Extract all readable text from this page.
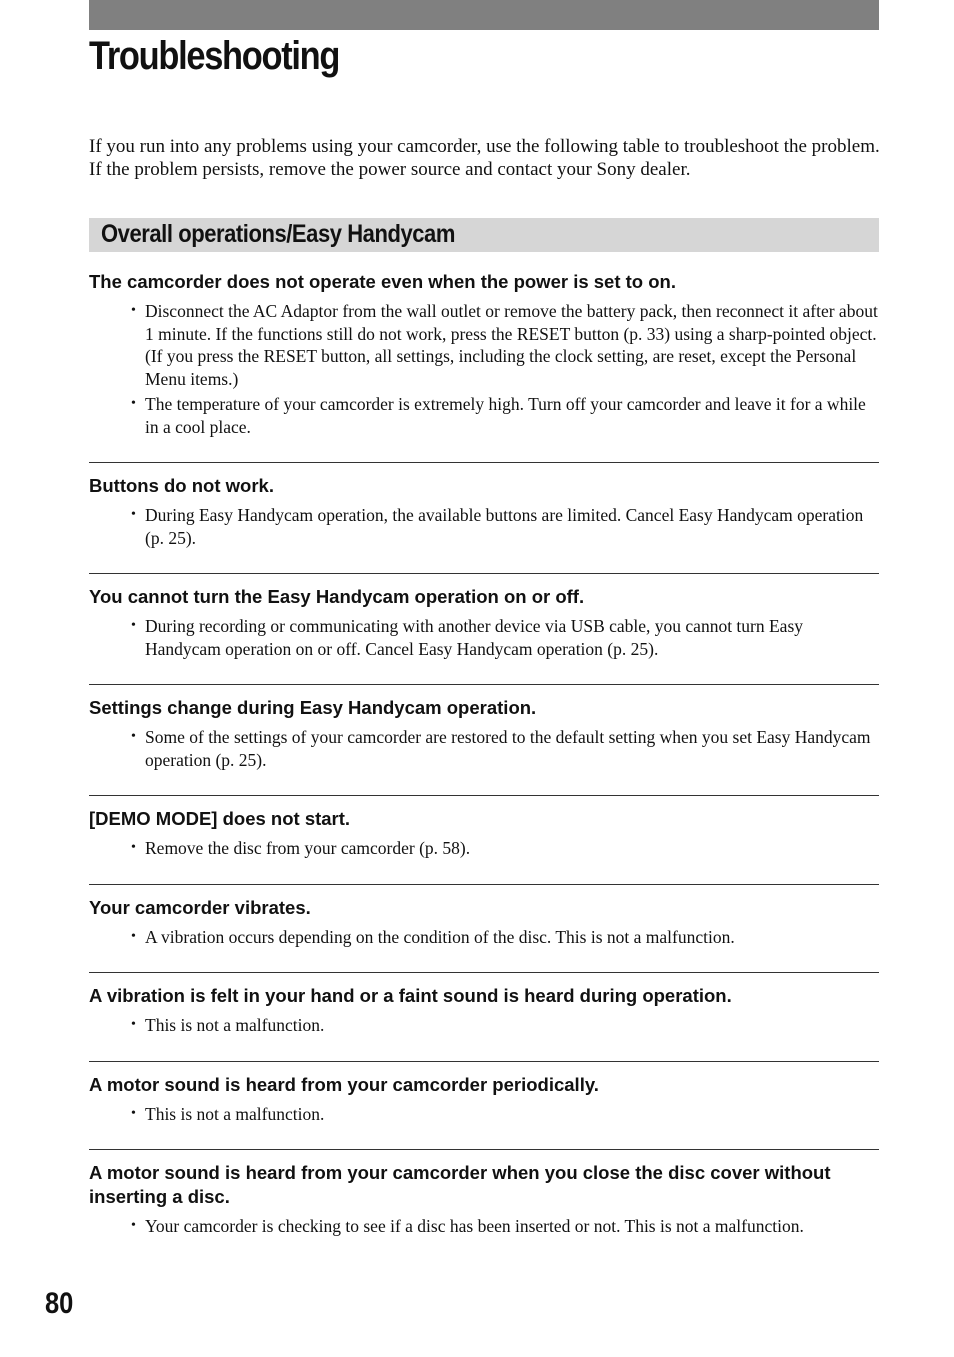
Troubleshooting

If you run into any problems using your camcorder, use the following table to troubleshoot the problem. If the problem persists, remove the power source and contact your Sony dealer.

Overall operations/Easy Handycam

The camcorder does not operate even when the power is set to on.

• Disconnect the AC Adaptor from the wall outlet or remove the battery pack, then reconnect it after about 1 minute. If the functions still do not work, press the RESET button (p. 33) using a sharp-pointed object. (If you press the RESET button, all settings, including the clock setting, are reset, except the Personal Menu items.)
• The temperature of your camcorder is extremely high. Turn off your camcorder and leave it for a while in a cool place.

Buttons do not work.

• During Easy Handycam operation, the available buttons are limited. Cancel Easy Handycam operation (p. 25).

You cannot turn the Easy Handycam operation on or off.

• During recording or communicating with another device via USB cable, you cannot turn Easy Handycam operation on or off. Cancel Easy Handycam operation (p. 25).

Settings change during Easy Handycam operation.

• Some of the settings of your camcorder are restored to the default setting when you set Easy Handycam operation (p. 25).

[DEMO MODE] does not start.

• Remove the disc from your camcorder (p. 58).

Your camcorder vibrates.

• A vibration occurs depending on the condition of the disc. This is not a malfunction.

A vibration is felt in your hand or a faint sound is heard during operation.

• This is not a malfunction.

A motor sound is heard from your camcorder periodically.

• This is not a malfunction.

A motor sound is heard from your camcorder when you close the disc cover without inserting a disc.

• Your camcorder is checking to see if a disc has been inserted or not. This is not a malfunction.

80
